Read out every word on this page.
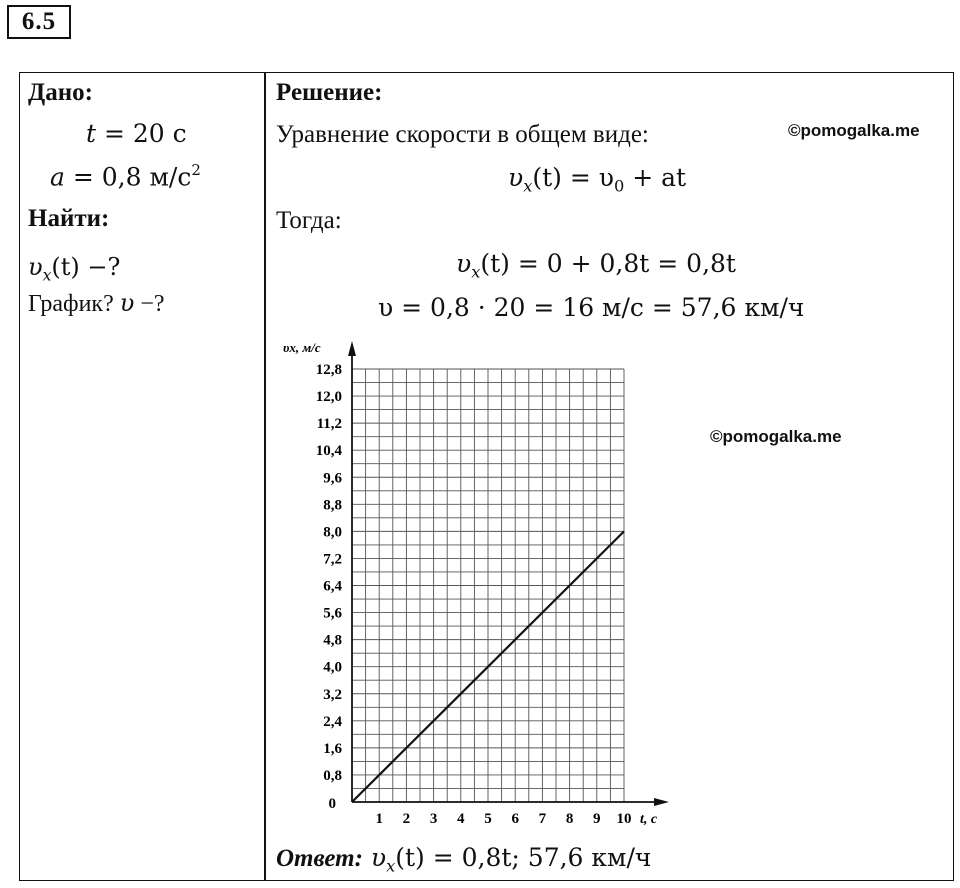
6.5
Дано:
t = 20 с
a = 0,8 $м/с^2$
Найти:
$\upsilon_x(t)$ −?
График? υ −?
Решение:
Уравнение скорости в общем виде:	©pomogalka.me
$\upsilon_x(t) = \upsilon_0$ + at
Тогда:
$\upsilon_x(t) = 0 + 0,8t = 0,8t$
υ = 0,8 · 20 = 16 м/с = 57,6 км/ч
©pomogalka.me
Ответ: $\upsilon_x(t) = 0,8t$; 57,6 км/ч
0,8
1,6
2,4
3,2
4,0
4,8
5,6
6,4
7,2
8,0
8,8
9,6
10,4
11,2
12,0
12,8
1 2 3 4 5 6 7 8 9 10
υx, м/с
t, с
0
